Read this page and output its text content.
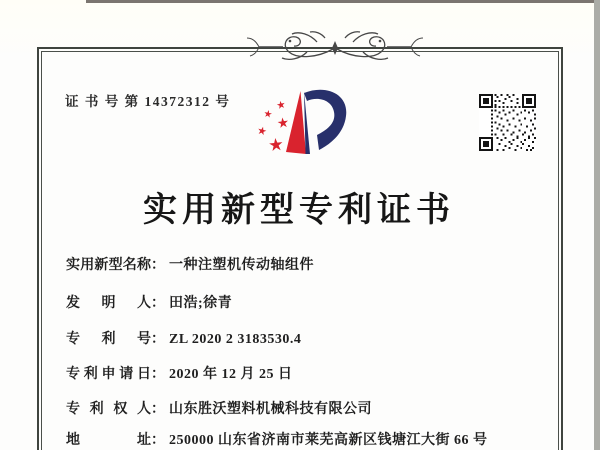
证 书 号 第 14372312 号
实用新型专利证书
实用新型名称： 一种注塑机传动轴组件
发明人： 田浩;徐青
专利号： ZL 2020 2 3183530.4
专利申请日： 2020 年 12 月 25 日
专利权人： 山东胜沃塑料机械科技有限公司
地址： 250000 山东省济南市莱芜高新区钱塘江大街 66 号
